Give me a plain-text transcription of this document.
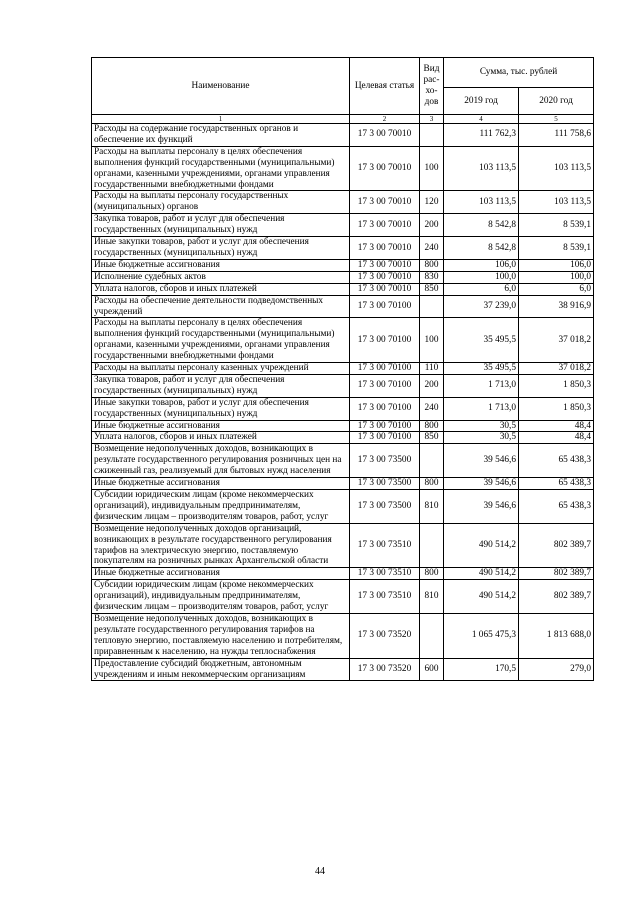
Наименование	Целевая статья	Вид рас-хо-дов	Сумма, тыс. рублей	
			2019 год	2020 год
1	2	3	4	5
Расходы на содержание государственных органов и обеспечение их функций	17 3 00 70010		111 762,3	111 758,6
Расходы на выплаты персоналу в целях обеспечения выполнения функций государственными (муниципальными) органами, казенными учреждениями, органами управления государственными внебюджетными фондами	17 3 00 70010	100	103 113,5	103 113,5
Расходы на выплаты персоналу государственных (муниципальных) органов	17 3 00 70010	120	103 113,5	103 113,5
Закупка товаров, работ и услуг для обеспечения государственных (муниципальных) нужд	17 3 00 70010	200	8 542,8	8 539,1
Иные закупки товаров, работ и услуг для обеспечения государственных (муниципальных) нужд	17 3 00 70010	240	8 542,8	8 539,1
Иные бюджетные ассигнования	17 3 00 70010	800	106,0	106,0
Исполнение судебных актов	17 3 00 70010	830	100,0	100,0
Уплата налогов, сборов и иных платежей	17 3 00 70010	850	6,0	6,0
Расходы на обеспечение деятельности подведомственных учреждений	17 3 00 70100		37 239,0	38 916,9
Расходы на выплаты персоналу в целях обеспечения выполнения функций государственными (муниципальными) органами, казенными учреждениями, органами управления государственными внебюджетными фондами	17 3 00 70100	100	35 495,5	37 018,2
Расходы на выплаты персоналу казенных учреждений	17 3 00 70100	110	35 495,5	37 018,2
Закупка товаров, работ и услуг для обеспечения государственных (муниципальных) нужд	17 3 00 70100	200	1 713,0	1 850,3
Иные закупки товаров, работ и услуг для обеспечения государственных (муниципальных) нужд	17 3 00 70100	240	1 713,0	1 850,3
Иные бюджетные ассигнования	17 3 00 70100	800	30,5	48,4
Уплата налогов, сборов и иных платежей	17 3 00 70100	850	30,5	48,4
Возмещение недополученных доходов, возникающих в результате государственного регулирования розничных цен на сжиженный газ, реализуемый для бытовых нужд населения	17 3 00 73500		39 546,6	65 438,3
Иные бюджетные ассигнования	17 3 00 73500	800	39 546,6	65 438,3
Субсидии юридическим лицам (кроме некоммерческих организаций), индивидуальным предпринимателям, физическим лицам – производителям товаров, работ, услуг	17 3 00 73500	810	39 546,6	65 438,3
Возмещение недополученных доходов организаций, возникающих в результате государственного регулирования тарифов на электрическую энергию, поставляемую покупателям на розничных рынках Архангельской области	17 3 00 73510		490 514,2	802 389,7
Иные бюджетные ассигнования	17 3 00 73510	800	490 514,2	802 389,7
Субсидии юридическим лицам (кроме некоммерческих организаций), индивидуальным предпринимателям, физическим лицам – производителям товаров, работ, услуг	17 3 00 73510	810	490 514,2	802 389,7
Возмещение недополученных доходов, возникающих в результате государственного регулирования тарифов на тепловую энергию, поставляемую населению и потребителям, приравненным к населению, на нужды теплоснабжения	17 3 00 73520		1 065 475,3	1 813 688,0
Предоставление субсидий бюджетным, автономным учреждениям и иным некоммерческим организациям	17 3 00 73520	600	170,5	279,0
44
